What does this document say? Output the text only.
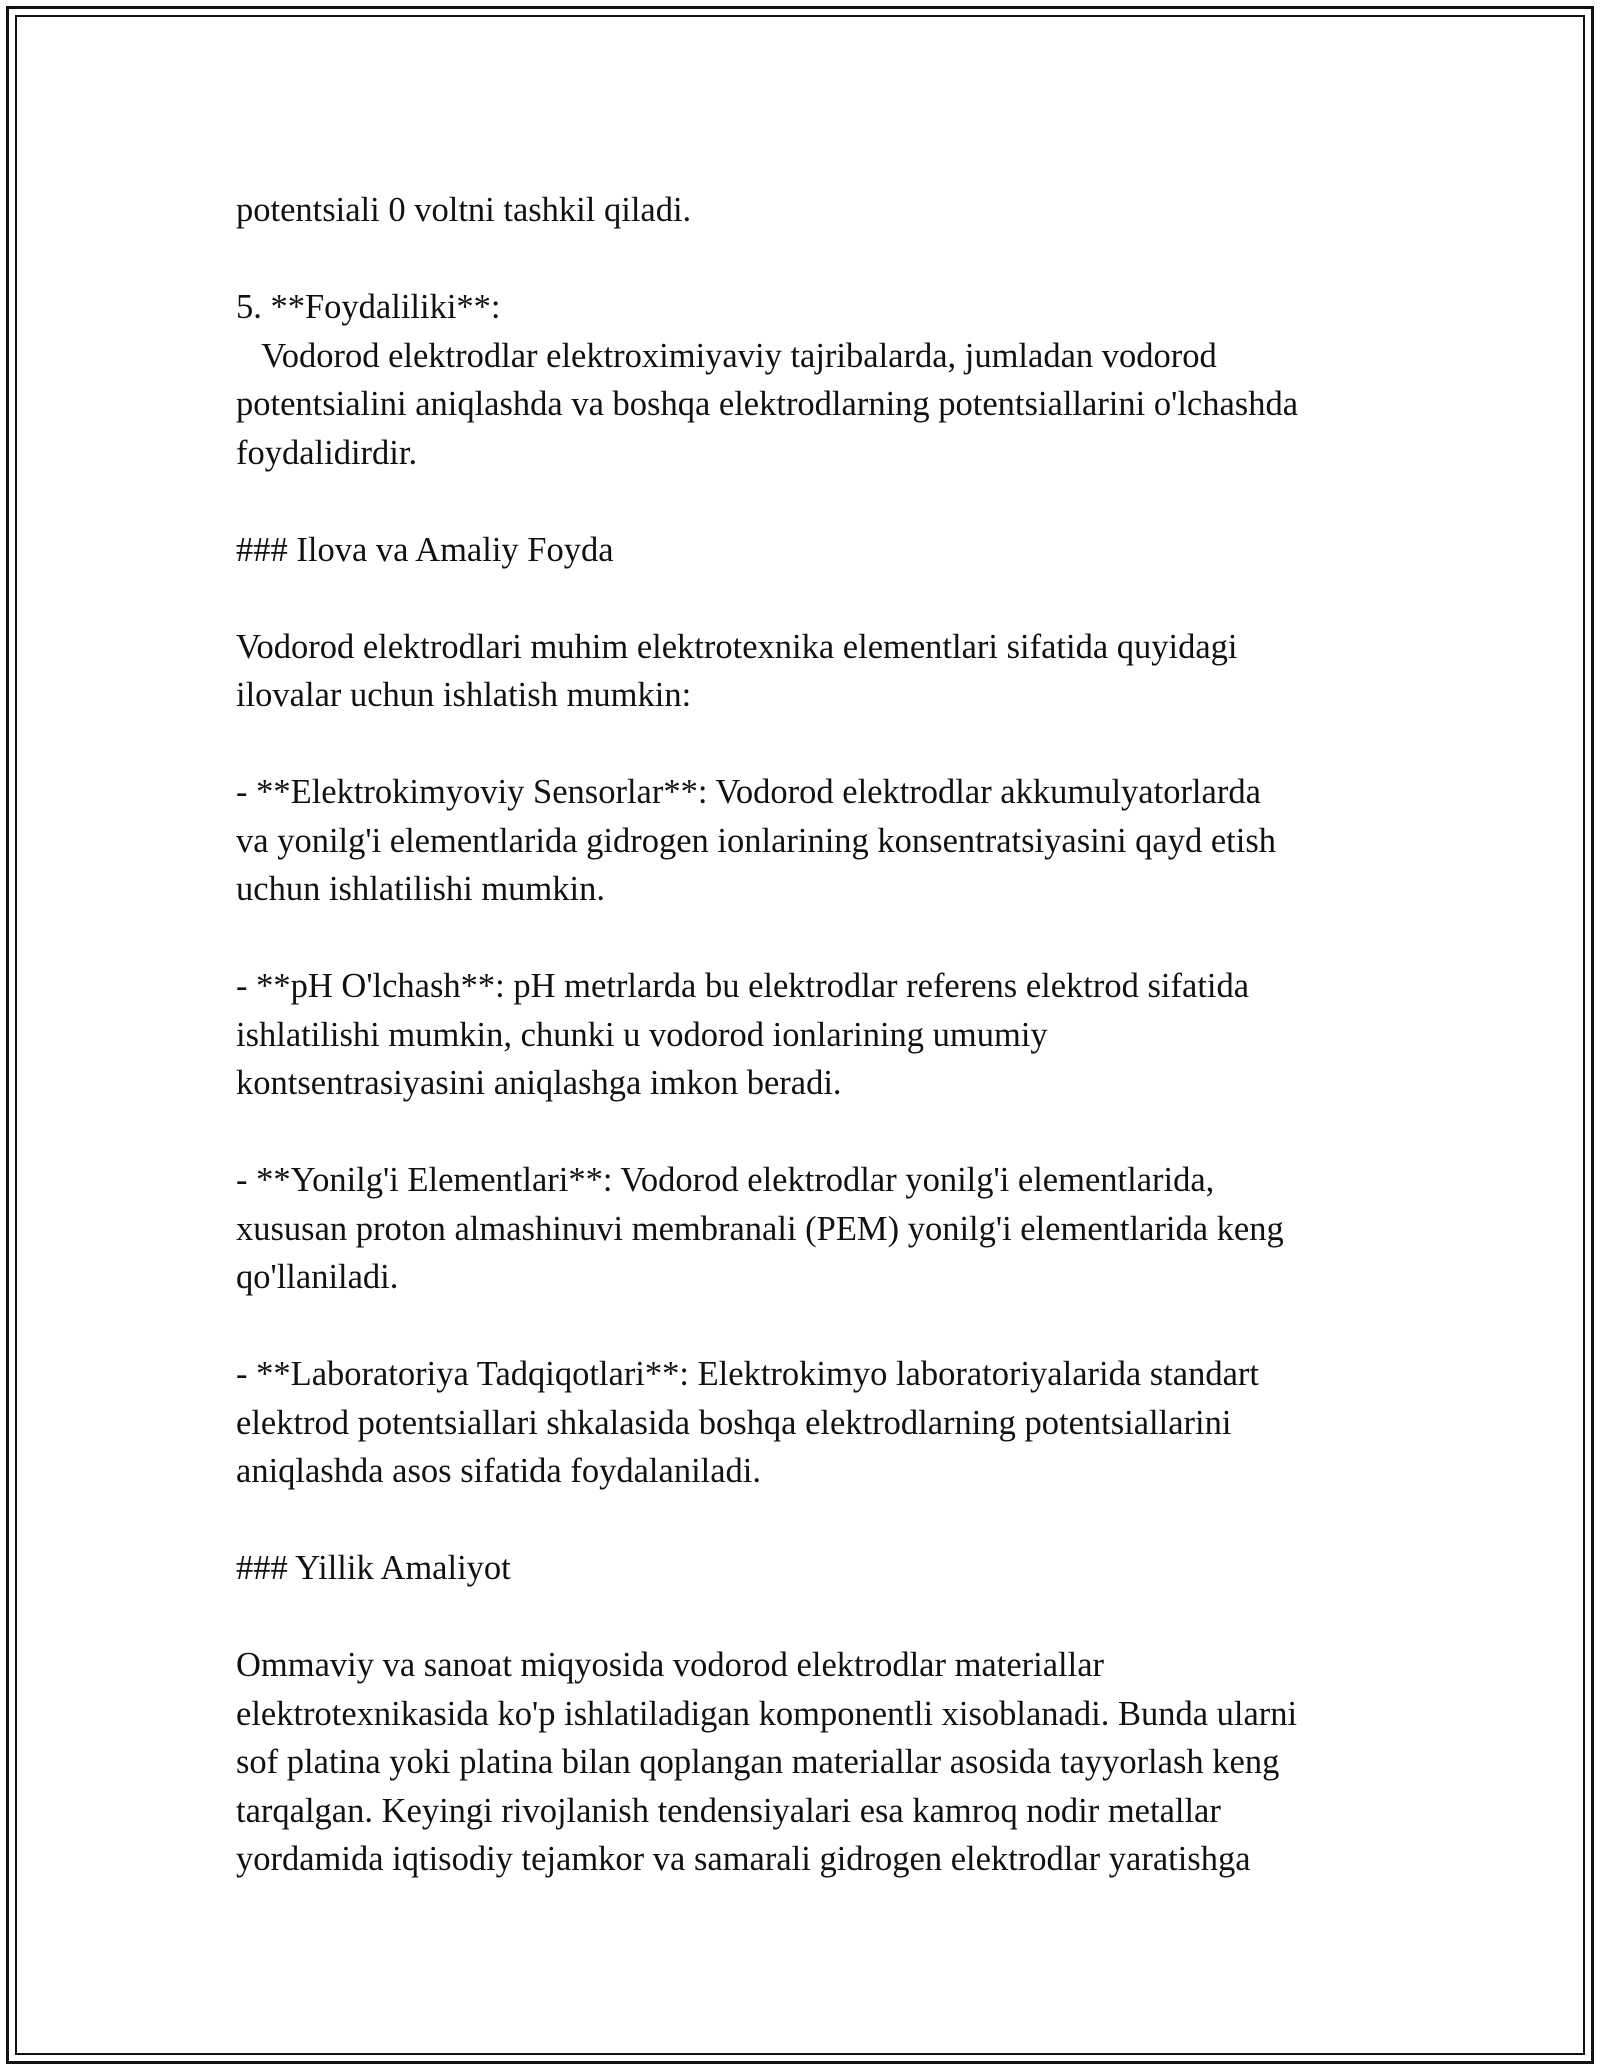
potentsiali 0 voltni tashkil qiladi.
5. **Foydaliliki**:
Vodorod elektrodlar elektroximiyaviy tajribalarda, jumladan vodorod
potentsialini aniqlashda va boshqa elektrodlarning potentsiallarini o'lchashda
foydalidirdir.
### Ilova va Amaliy Foyda
Vodorod elektrodlari muhim elektrotexnika elementlari sifatida quyidagi
ilovalar uchun ishlatish mumkin:
- **Elektrokimyoviy Sensorlar**: Vodorod elektrodlar akkumulyatorlarda
va yonilg'i elementlarida gidrogen ionlarining konsentratsiyasini qayd etish
uchun ishlatilishi mumkin.
- **pH O'lchash**: pH metrlarda bu elektrodlar referens elektrod sifatida
ishlatilishi mumkin, chunki u vodorod ionlarining umumiy
kontsentrasiyasini aniqlashga imkon beradi.
- **Yonilg'i Elementlari**: Vodorod elektrodlar yonilg'i elementlarida,
xususan proton almashinuvi membranali (PEM) yonilg'i elementlarida keng
qo'llaniladi.
- **Laboratoriya Tadqiqotlari**: Elektrokimyo laboratoriyalarida standart
elektrod potentsiallari shkalasida boshqa elektrodlarning potentsiallarini
aniqlashda asos sifatida foydalaniladi.
### Yillik Amaliyot
Ommaviy va sanoat miqyosida vodorod elektrodlar materiallar
elektrotexnikasida ko'p ishlatiladigan komponentli xisoblanadi. Bunda ularni
sof platina yoki platina bilan qoplangan materiallar asosida tayyorlash keng
tarqalgan. Keyingi rivojlanish tendensiyalari esa kamroq nodir metallar
yordamida iqtisodiy tejamkor va samarali gidrogen elektrodlar yaratishga
